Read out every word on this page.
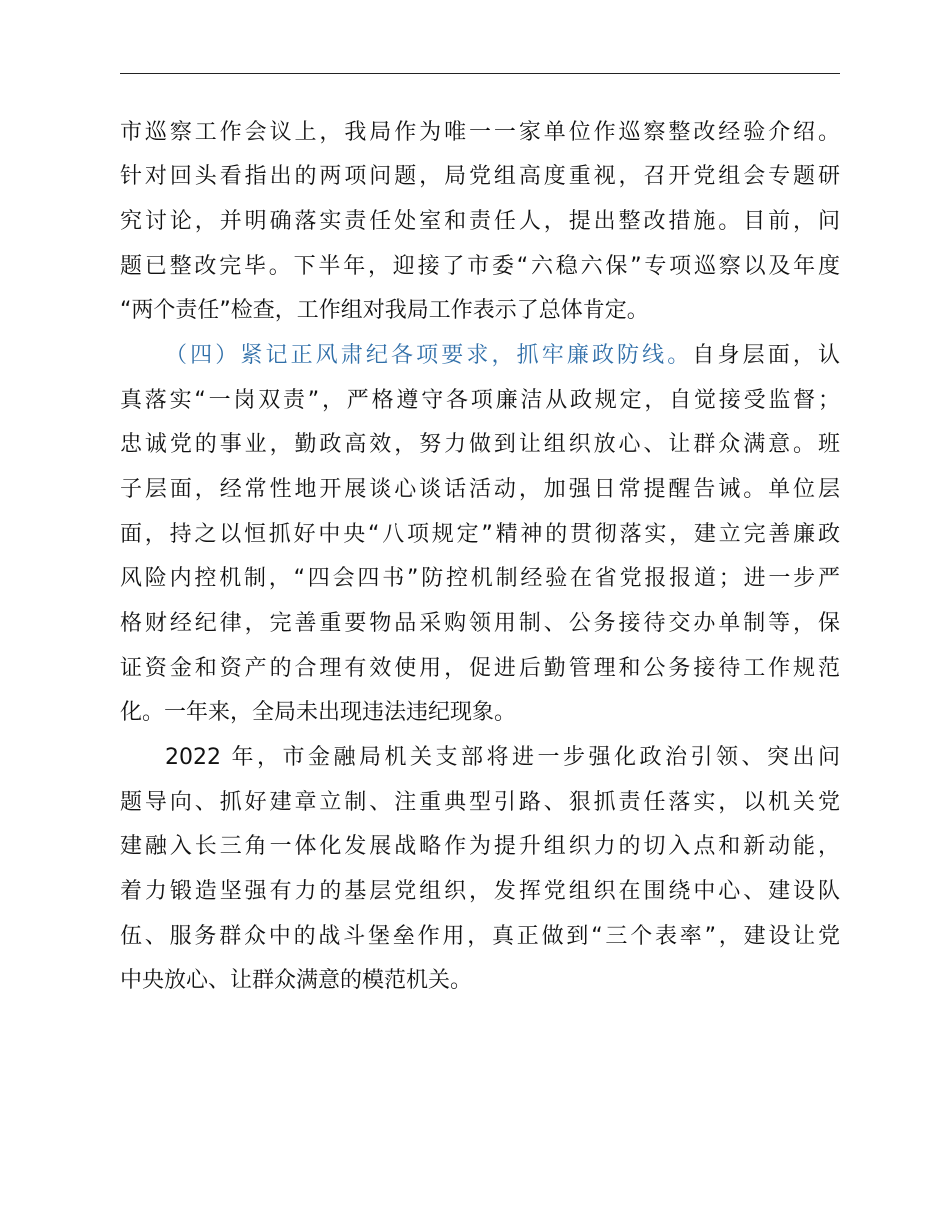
市巡察工作会议上，我局作为唯一一家单位作巡察整改经验介绍。
针对回头看指出的两项问题，局党组高度重视，召开党组会专题研
究讨论，并明确落实责任处室和责任人，提出整改措施。目前，问
题已整改完毕。下半年，迎接了市委“六稳六保”专项巡察以及年度
“两个责任”检查，工作组对我局工作表示了总体肯定。
（四）紧记正风肃纪各项要求，抓牢廉政防线。自身层面，认
真落实“一岗双责”，严格遵守各项廉洁从政规定，自觉接受监督；
忠诚党的事业，勤政高效，努力做到让组织放心、让群众满意。班
子层面，经常性地开展谈心谈话活动，加强日常提醒告诫。单位层
面，持之以恒抓好中央“八项规定”精神的贯彻落实，建立完善廉政
风险内控机制，“四会四书”防控机制经验在省党报报道；进一步严
格财经纪律，完善重要物品采购领用制、公务接待交办单制等，保
证资金和资产的合理有效使用，促进后勤管理和公务接待工作规范
化。一年来，全局未出现违法违纪现象。
2022 年，市金融局机关支部将进一步强化政治引领、突出问
题导向、抓好建章立制、注重典型引路、狠抓责任落实，以机关党
建融入长三角一体化发展战略作为提升组织力的切入点和新动能，
着力锻造坚强有力的基层党组织，发挥党组织在围绕中心、建设队
伍、服务群众中的战斗堡垒作用，真正做到“三个表率”，建设让党
中央放心、让群众满意的模范机关。
